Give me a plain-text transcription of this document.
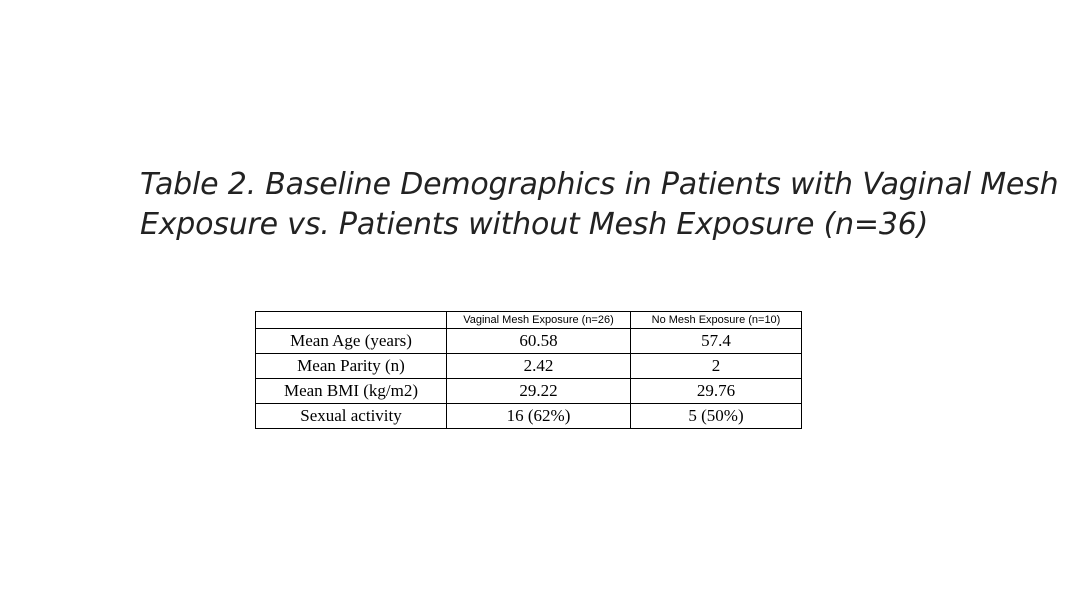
Table 2. Baseline Demographics in Patients with Vaginal Mesh
Exposure vs. Patients without Mesh Exposure (n=36)
	Vaginal Mesh Exposure (n=26)	No Mesh Exposure (n=10)
Mean Age (years)	60.58	57.4
Mean Parity (n)	2.42	2
Mean BMI (kg/m2)	29.22	29.76
Sexual activity	16 (62%)	5 (50%)
